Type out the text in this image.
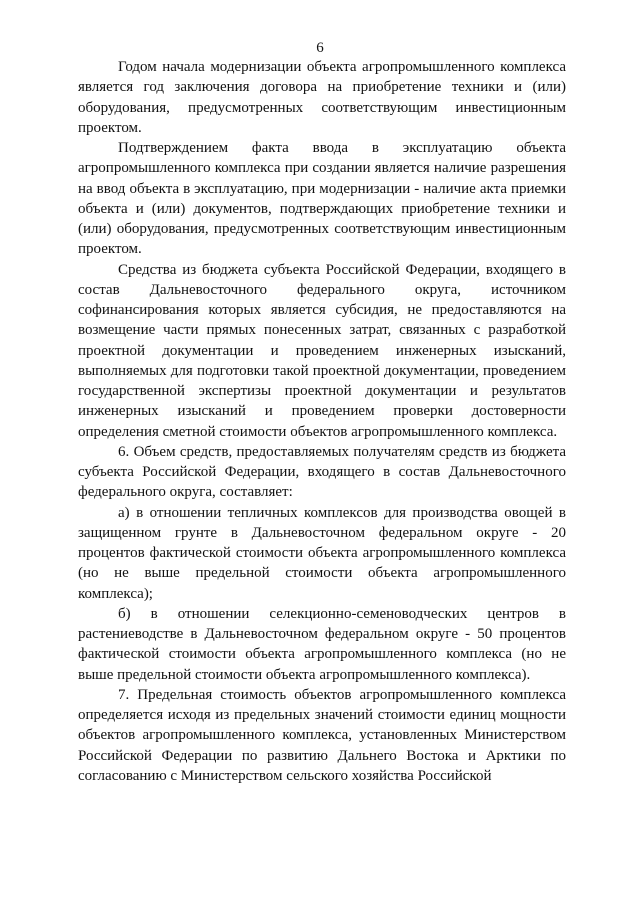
6

Годом начала модернизации объекта агропромышленного комплекса является год заключения договора на приобретение техники и (или) оборудования, предусмотренных соответствующим инвестиционным проектом.

Подтверждением факта ввода в эксплуатацию объекта агропромышленного комплекса при создании является наличие разрешения на ввод объекта в эксплуатацию, при модернизации - наличие акта приемки объекта и (или) документов, подтверждающих приобретение техники и (или) оборудования, предусмотренных соответствующим инвестиционным проектом.

Средства из бюджета субъекта Российской Федерации, входящего в состав Дальневосточного федерального округа, источником софинансирования которых является субсидия, не предоставляются на возмещение части прямых понесенных затрат, связанных с разработкой проектной документации и проведением инженерных изысканий, выполняемых для подготовки такой проектной документации, проведением государственной экспертизы проектной документации и результатов инженерных изысканий и проведением проверки достоверности определения сметной стоимости объектов агропромышленного комплекса.

6. Объем средств, предоставляемых получателям средств из бюджета субъекта Российской Федерации, входящего в состав Дальневосточного федерального округа, составляет:

а) в отношении тепличных комплексов для производства овощей в защищенном грунте в Дальневосточном федеральном округе - 20 процентов фактической стоимости объекта агропромышленного комплекса (но не выше предельной стоимости объекта агропромышленного комплекса);

б) в отношении селекционно-семеноводческих центров в растениеводстве в Дальневосточном федеральном округе - 50 процентов фактической стоимости объекта агропромышленного комплекса (но не выше предельной стоимости объекта агропромышленного комплекса).

7. Предельная стоимость объектов агропромышленного комплекса определяется исходя из предельных значений стоимости единиц мощности объектов агропромышленного комплекса, установленных Министерством Российской Федерации по развитию Дальнего Востока и Арктики по согласованию с Министерством сельского хозяйства Российской
